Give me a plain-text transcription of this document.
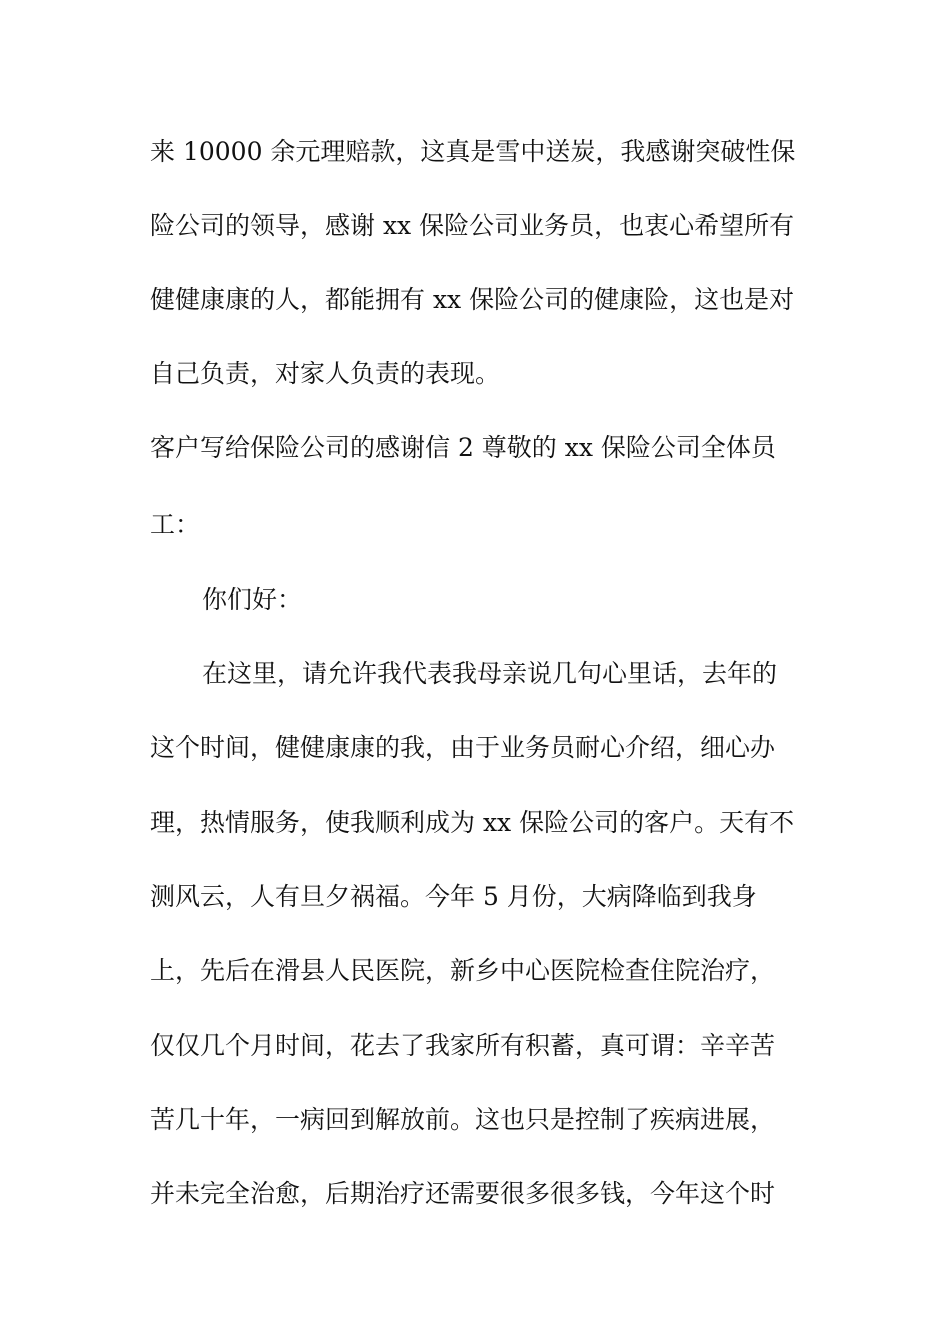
来 10000 余元理赔款，这真是雪中送炭，我感谢突破性保
险公司的领导，感谢 xx 保险公司业务员，也衷心希望所有
健健康康的人，都能拥有 xx 保险公司的健康险，这也是对
自己负责，对家人负责的表现。
客户写给保险公司的感谢信 2 尊敬的 xx 保险公司全体员
工：
你们好：
在这里，请允许我代表我母亲说几句心里话，去年的
这个时间，健健康康的我，由于业务员耐心介绍，细心办
理，热情服务，使我顺利成为 xx 保险公司的客户。天有不
测风云，人有旦夕祸福。今年 5 月份，大病降临到我身
上，先后在滑县人民医院，新乡中心医院检查住院治疗，
仅仅几个月时间，花去了我家所有积蓄，真可谓：辛辛苦
苦几十年，一病回到解放前。这也只是控制了疾病进展，
并未完全治愈，后期治疗还需要很多很多钱，今年这个时
